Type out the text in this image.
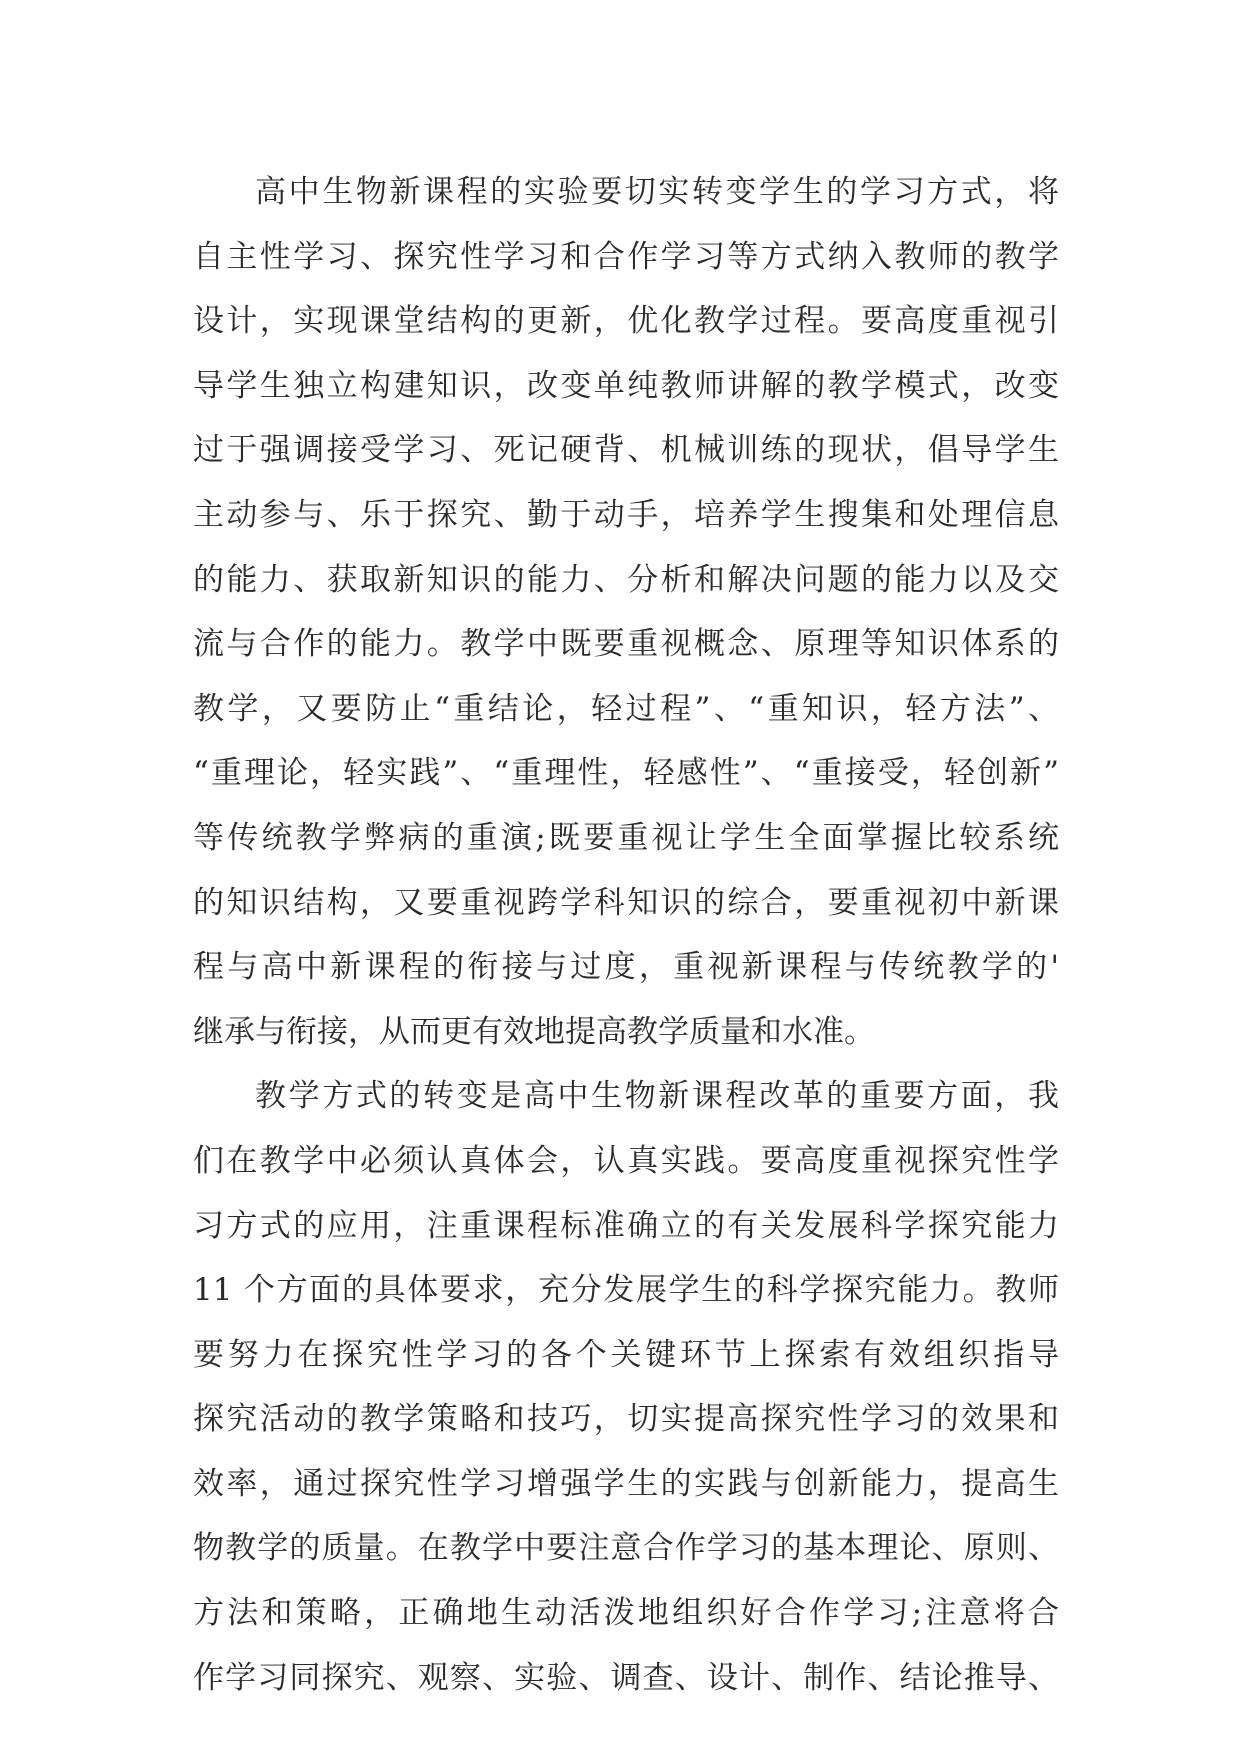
高中生物新课程的实验要切实转变学生的学习方式，将
自主性学习、探究性学习和合作学习等方式纳入教师的教学
设计，实现课堂结构的更新，优化教学过程。要高度重视引
导学生独立构建知识，改变单纯教师讲解的教学模式，改变
过于强调接受学习、死记硬背、机械训练的现状，倡导学生
主动参与、乐于探究、勤于动手，培养学生搜集和处理信息
的能力、获取新知识的能力、分析和解决问题的能力以及交
流与合作的能力。教学中既要重视概念、原理等知识体系的
教学，又要防止“重结论，轻过程”、“重知识，轻方法”、
“重理论，轻实践”、“重理性，轻感性”、“重接受，轻创新”
等传统教学弊病的重演;既要重视让学生全面掌握比较系统
的知识结构，又要重视跨学科知识的综合，要重视初中新课
程与高中新课程的衔接与过度，重视新课程与传统教学的'
继承与衔接，从而更有效地提高教学质量和水准。
教学方式的转变是高中生物新课程改革的重要方面，我
们在教学中必须认真体会，认真实践。要高度重视探究性学
习方式的应用，注重课程标准确立的有关发展科学探究能力
11 个方面的具体要求，充分发展学生的科学探究能力。教师
要努力在探究性学习的各个关键环节上探索有效组织指导
探究活动的教学策略和技巧，切实提高探究性学习的效果和
效率，通过探究性学习增强学生的实践与创新能力，提高生
物教学的质量。在教学中要注意合作学习的基本理论、原则、
方法和策略，正确地生动活泼地组织好合作学习;注意将合
作学习同探究、观察、实验、调查、设计、制作、结论推导、
